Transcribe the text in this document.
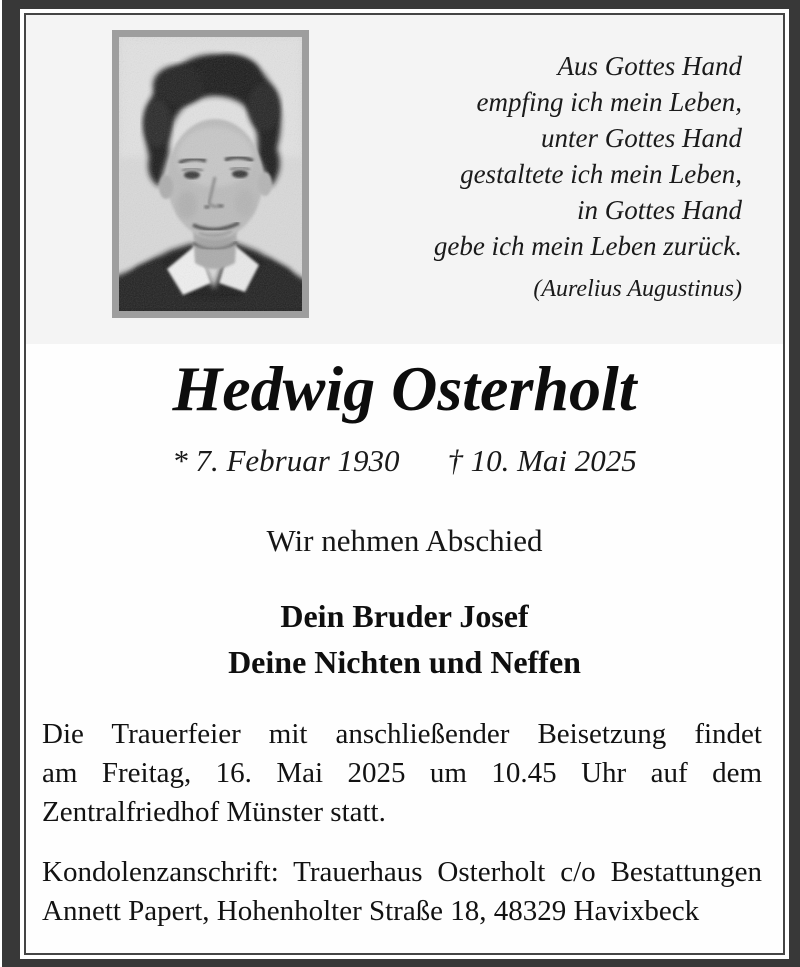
Aus Gottes Hand
empfing ich mein Leben,
unter Gottes Hand
gestaltete ich mein Leben,
in Gottes Hand
gebe ich mein Leben zurück.
(Aurelius Augustinus)
Hedwig Osterholt
* 7. Februar 1930 † 10. Mai 2025
Wir nehmen Abschied
Dein Bruder Josef
Deine Nichten und Neffen
Die Trauerfeier mit anschließender Beisetzung findet
am Freitag, 16. Mai 2025 um 10.45 Uhr auf dem
Zentralfriedhof Münster statt.
Kondolenzanschrift: Trauerhaus Osterholt c/o Bestattungen
Annett Papert, Hohenholter Straße 18, 48329 Havixbeck
